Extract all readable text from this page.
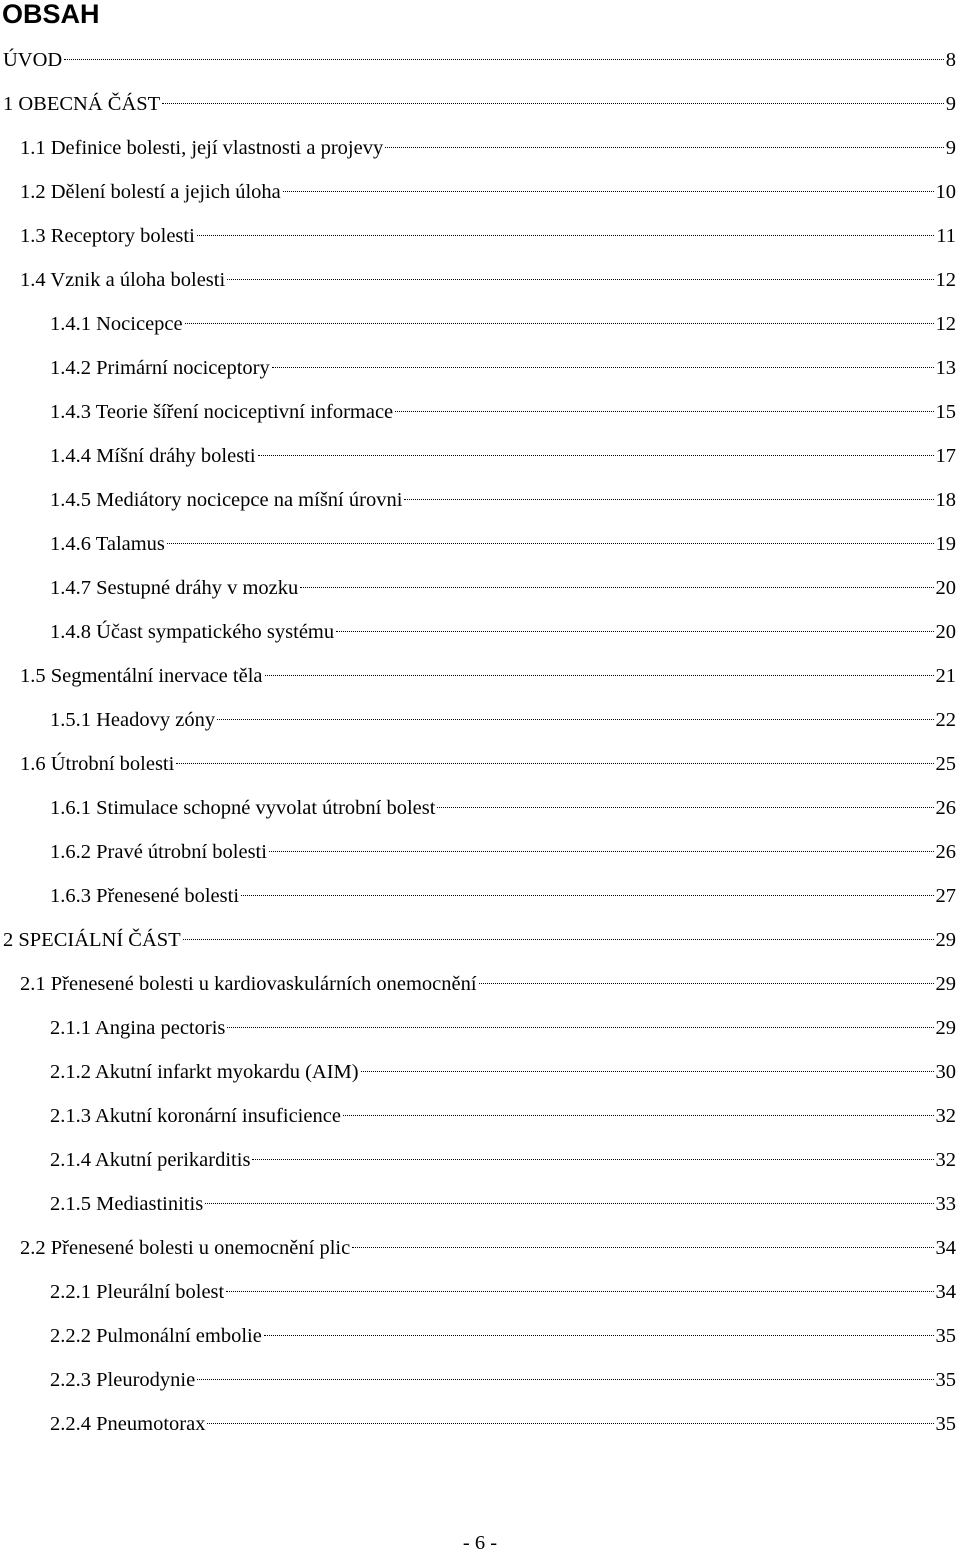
OBSAH
ÚVOD	8
1 OBECNÁ ČÁST	9
1.1 Definice bolesti, její vlastnosti a projevy	9
1.2 Dělení bolestí a jejich úloha	10
1.3 Receptory bolesti	11
1.4 Vznik a úloha bolesti	12
1.4.1 Nocicepce	12
1.4.2 Primární nociceptory	13
1.4.3 Teorie šíření nociceptivní informace	15
1.4.4 Míšní dráhy bolesti	17
1.4.5 Mediátory nocicepce na míšní úrovni	18
1.4.6 Talamus	19
1.4.7 Sestupné dráhy v mozku	20
1.4.8 Účast sympatického systému	20
1.5 Segmentální inervace těla	21
1.5.1 Headovy zóny	22
1.6 Útrobní bolesti	25
1.6.1 Stimulace schopné vyvolat útrobní bolest	26
1.6.2 Pravé útrobní bolesti	26
1.6.3 Přenesené bolesti	27
2 SPECIÁLNÍ ČÁST	29
2.1 Přenesené bolesti u kardiovaskulárních onemocnění	29
2.1.1 Angina pectoris	29
2.1.2 Akutní infarkt myokardu (AIM)	30
2.1.3 Akutní koronární insuficience	32
2.1.4 Akutní perikarditis	32
2.1.5 Mediastinitis	33
2.2 Přenesené bolesti u onemocnění plic	34
2.2.1 Pleurální bolest	34
2.2.2 Pulmonální embolie	35
2.2.3 Pleurodynie	35
2.2.4 Pneumotorax	35
- 6 -
